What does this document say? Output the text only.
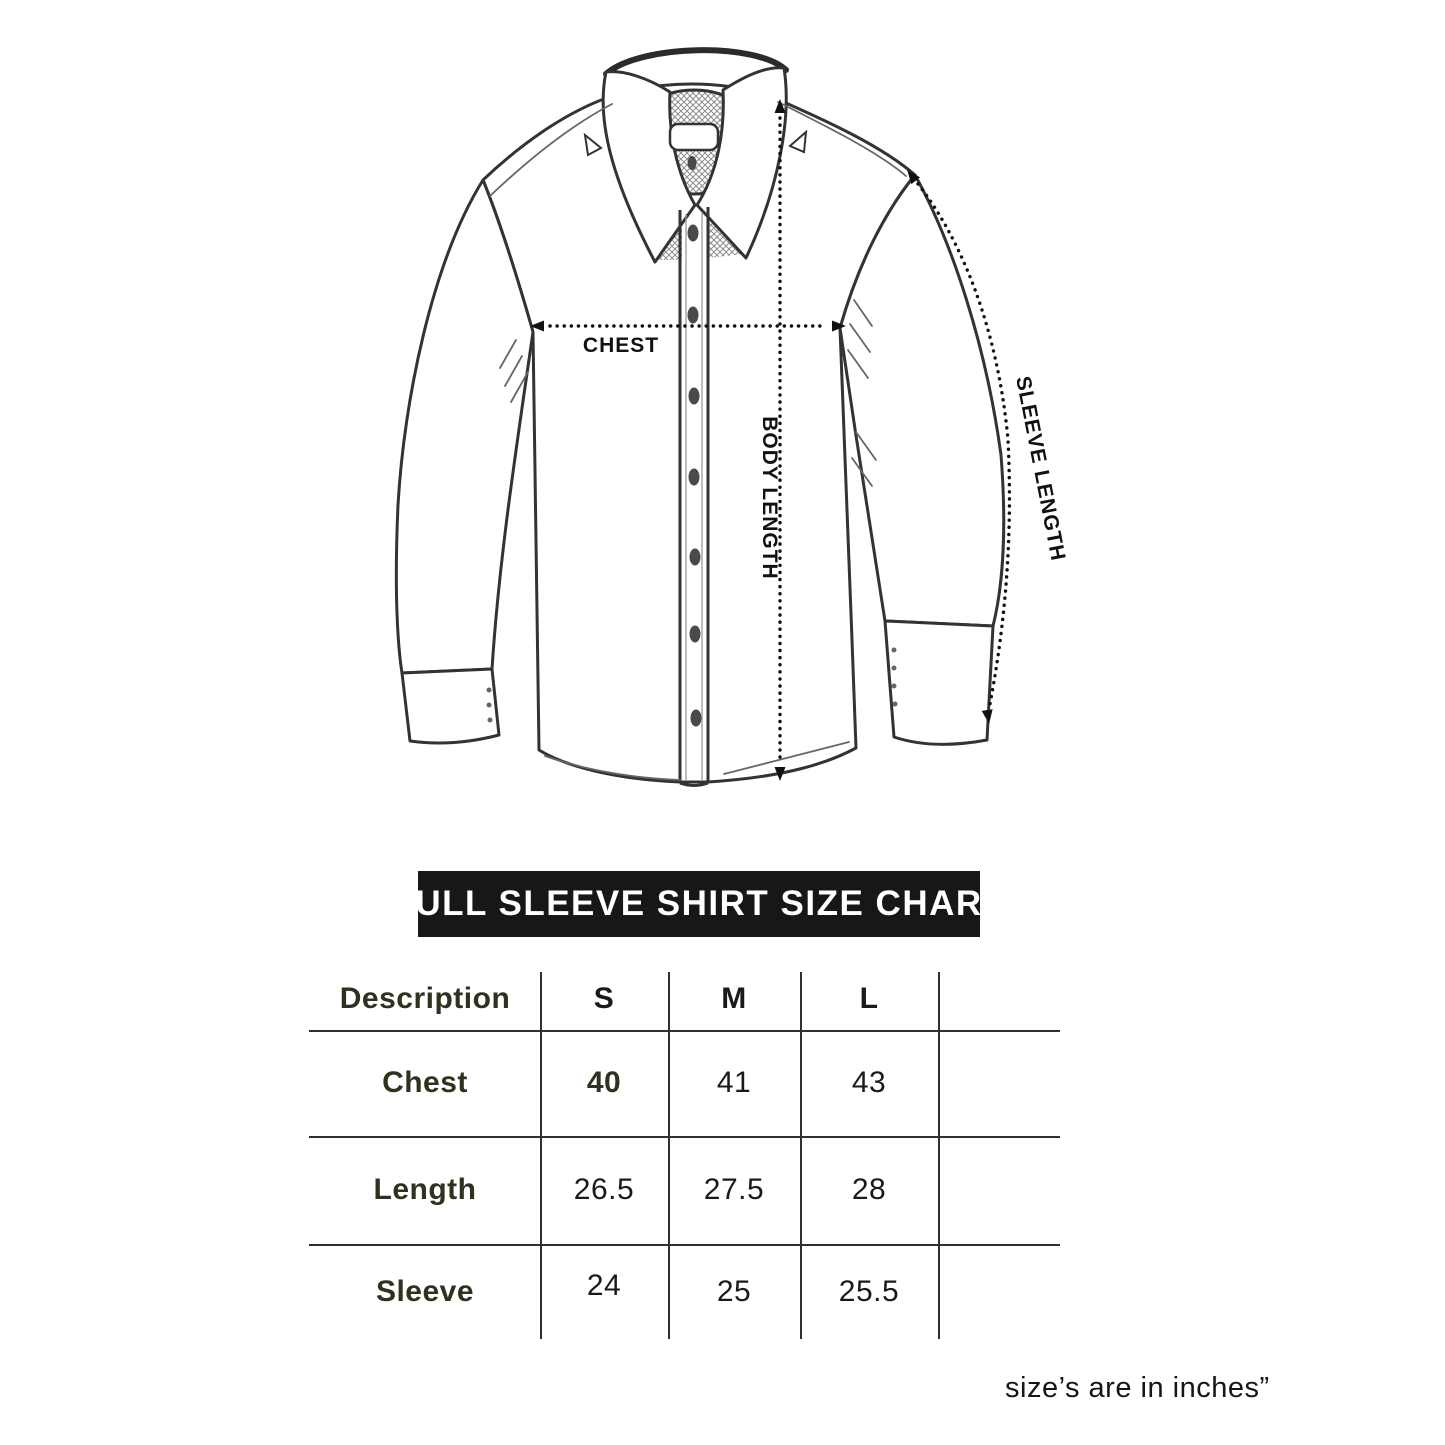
CHEST
BODY LENGTH	SLEEVE LENGTH
FULL SLEEVE SHIRT SIZE CHART
Description	S	M	L
Chest	40	41	43
Length	26.5	27.5	28
Sleeve	24	25	25.5
size’s are in inches”
